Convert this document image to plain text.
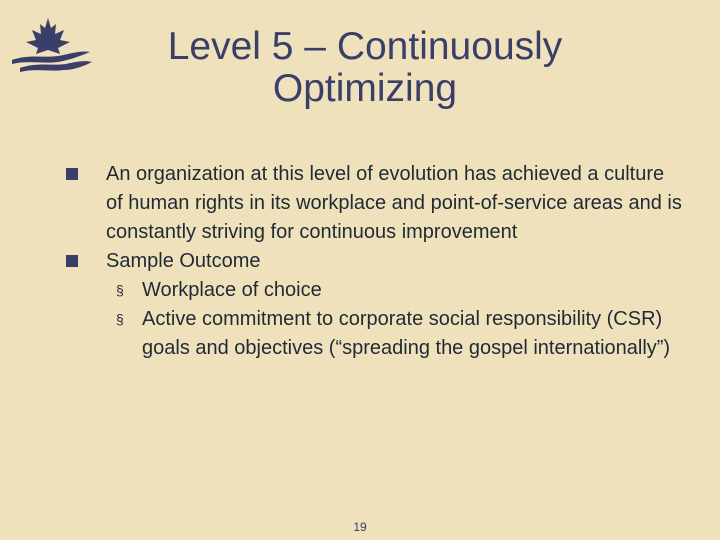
Level 5 – Continuously
Optimizing

An organization at this level of evolution has achieved a culture of human rights in its workplace and point-of-service areas and is constantly striving for continuous improvement

Sample Outcome

§ Workplace of choice

§ Active commitment to corporate social responsibility (CSR) goals and objectives (“spreading the gospel internationally”)

19
